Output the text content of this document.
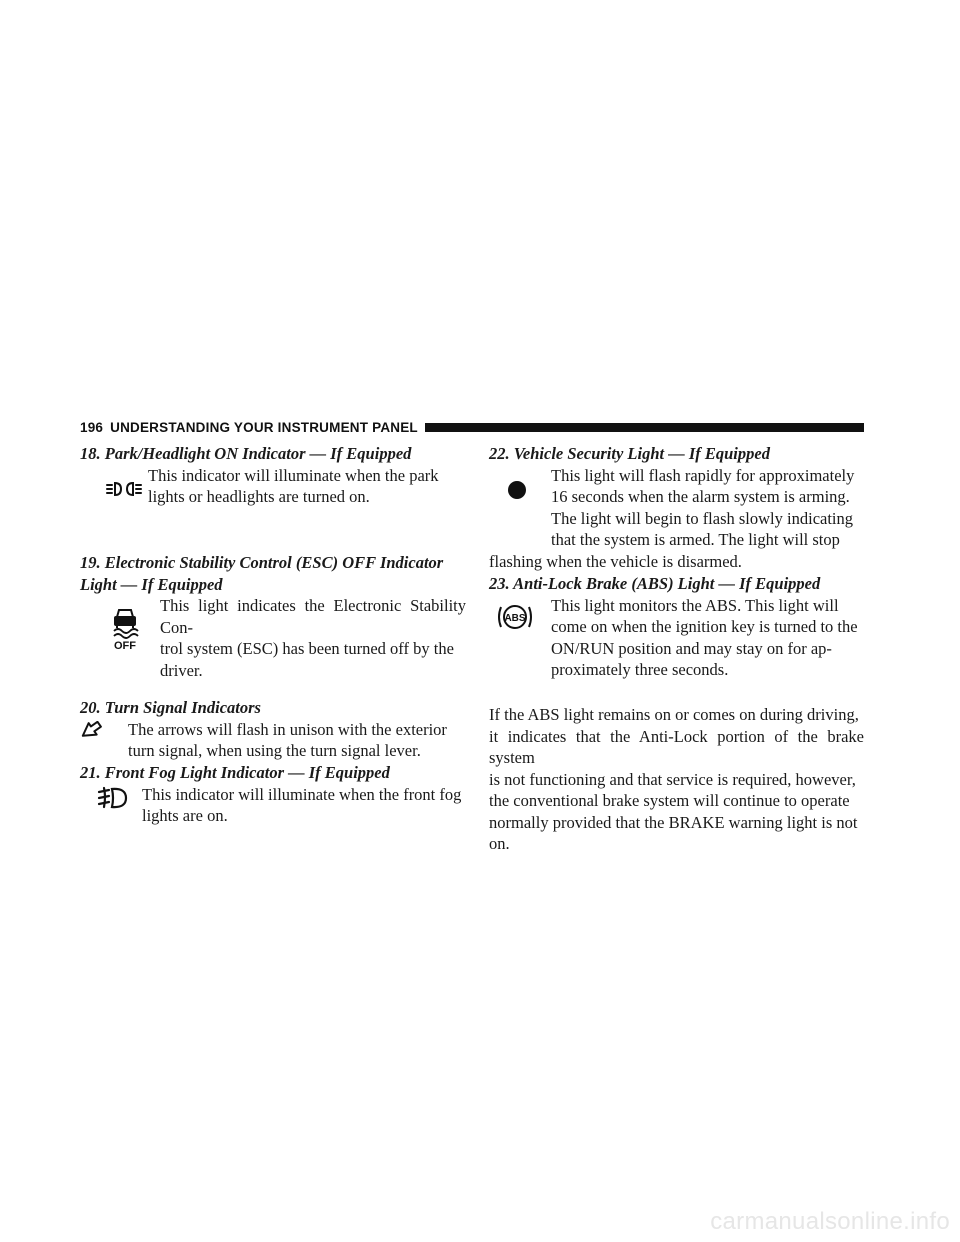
196 UNDERSTANDING YOUR INSTRUMENT PANEL

18. Park/Headlight ON Indicator — If Equipped

This indicator will illuminate when the park
lights or headlights are turned on.

19. Electronic Stability Control (ESC) OFF Indicator
Light — If Equipped

OFF

This light indicates the Electronic Stability Con-
trol system (ESC) has been turned off by the
driver.

20. Turn Signal Indicators

The arrows will flash in unison with the exterior
turn signal, when using the turn signal lever.

21. Front Fog Light Indicator — If Equipped

This indicator will illuminate when the front fog
lights are on.

22. Vehicle Security Light — If Equipped

This light will flash rapidly for approximately
16 seconds when the alarm system is arming.
The light will begin to flash slowly indicating
that the system is armed. The light will stop
flashing when the vehicle is disarmed.

23. Anti-Lock Brake (ABS) Light — If Equipped

ABS

This light monitors the ABS. This light will
come on when the ignition key is turned to the
ON/RUN position and may stay on for ap-
proximately three seconds.

If the ABS light remains on or comes on during driving,
it indicates that the Anti-Lock portion of the brake system
is not functioning and that service is required, however,
the conventional brake system will continue to operate
normally provided that the BRAKE warning light is not
on.

carmanualsonline.info
